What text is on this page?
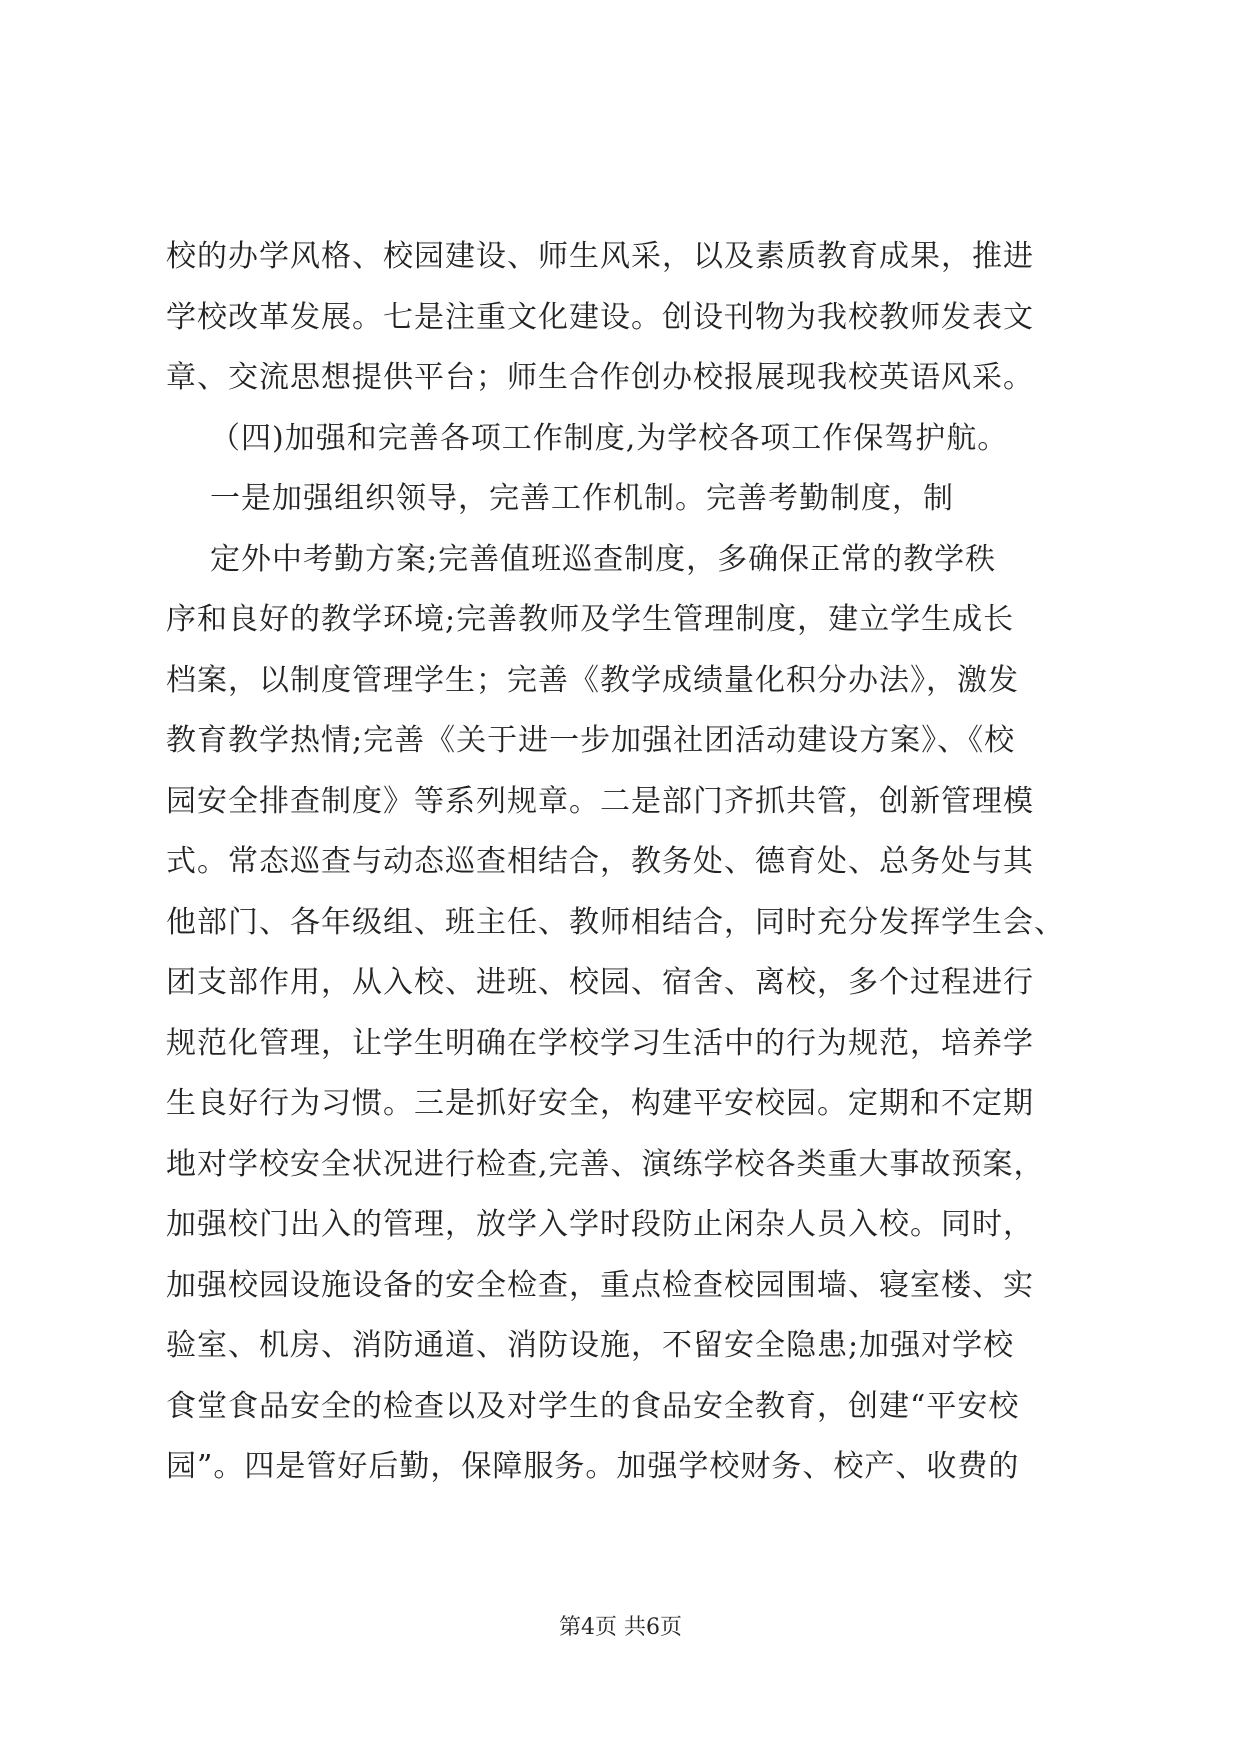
校的办学风格、校园建设、师生风采，以及素质教育成果，推进
学校改革发展。七是注重文化建设。创设刊物为我校教师发表文
章、交流思想提供平台；师生合作创办校报展现我校英语风采。
（四)加强和完善各项工作制度,为学校各项工作保驾护航。
一是加强组织领导，完善工作机制。完善考勤制度，制
定外中考勤方案;完善值班巡查制度，多确保正常的教学秩
序和良好的教学环境;完善教师及学生管理制度，建立学生成长
档案，以制度管理学生；完善《教学成绩量化积分办法》，激发
教育教学热情;完善《关于进一步加强社团活动建设方案》、《校
园安全排查制度》等系列规章。二是部门齐抓共管，创新管理模
式。常态巡查与动态巡查相结合，教务处、德育处、总务处与其
他部门、各年级组、班主任、教师相结合，同时充分发挥学生会、
团支部作用，从入校、进班、校园、宿舍、离校，多个过程进行
规范化管理，让学生明确在学校学习生活中的行为规范，培养学
生良好行为习惯。三是抓好安全，构建平安校园。定期和不定期
地对学校安全状况进行检查,完善、演练学校各类重大事故预案，
加强校门出入的管理，放学入学时段防止闲杂人员入校。同时，
加强校园设施设备的安全检查，重点检查校园围墙、寝室楼、实
验室、机房、消防通道、消防设施，不留安全隐患;加强对学校
食堂食品安全的检查以及对学生的食品安全教育，创建“平安校
园”。四是管好后勤，保障服务。加强学校财务、校产、收费的
第4页 共6页
